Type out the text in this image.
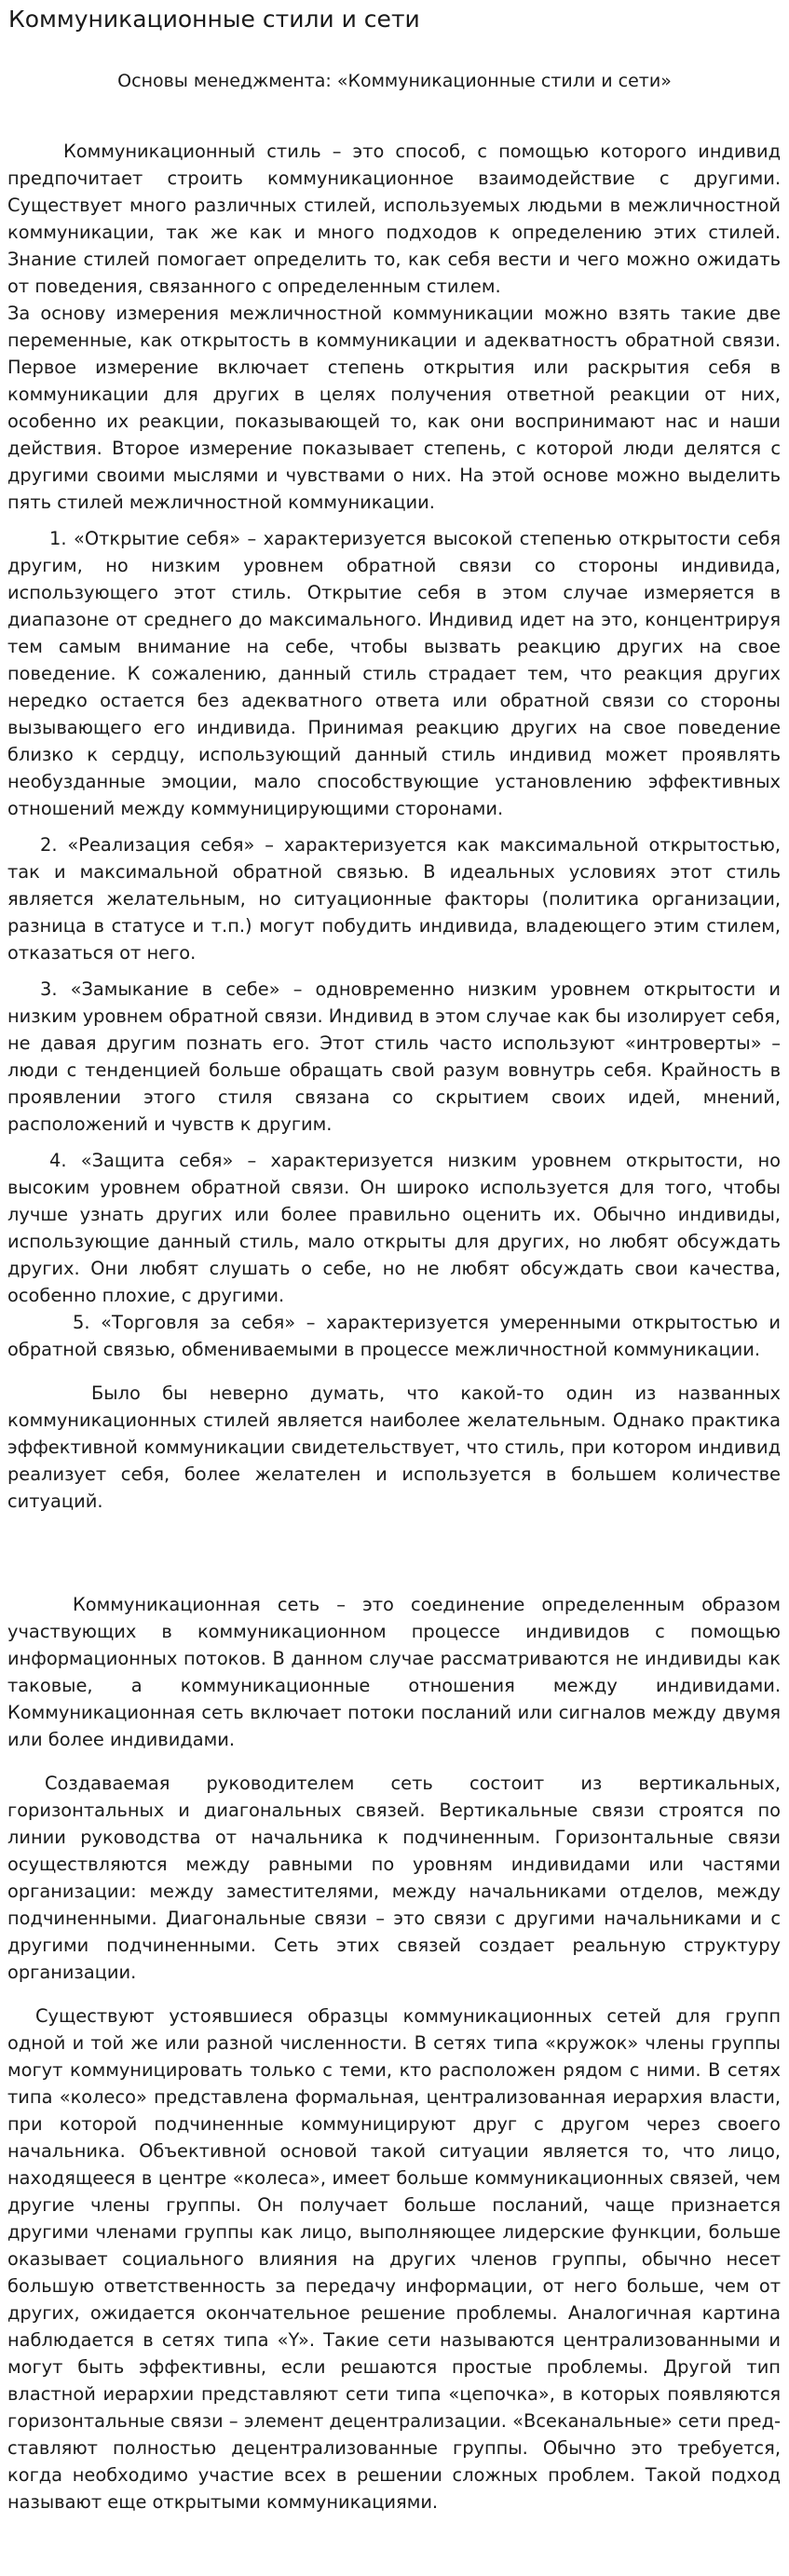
Коммуникационные стили и сети

Основы менеджмента: «Коммуникационные стили и сети»

Коммуникационный стиль – это способ, с помощью которого индивид предпочитает строить коммуникационное взаимодействие с другими. Существует много различных стилей, используемых людьми в межличностной коммуникации, так же как и много подходов к определению этих стилей. Знание стилей помогает определить то, как себя вести и чего можно ожидать от поведения, связанного с определенным стилем.

За основу измерения межличностной коммуникации можно взять такие две переменные, как открытость в коммуникации и адекватностъ обратной связи. Первое измерение включает степень открытия или раскрытия себя в коммуникации для других в целях получения ответной реакции от них, особенно их реакции, показывающей то, как они воспринимают нас и наши действия. Второе измерение показывает степень, с которой люди делятся с другими своими мыслями и чувствами о них. На этой основе можно выделить пять стилей межличностной коммуникации.

1. «Открытие себя» – характеризуется высокой степенью открытости себя другим, но низким уровнем обратной связи со стороны индивида, использующего этот стиль. Открытие себя в этом случае измеряется в диапазоне от среднего до максимального. Индивид идет на это, концентрируя тем самым внимание на себе, чтобы вызвать реакцию других на свое поведение. К сожалению, данный стиль страдает тем, что реакция других нередко остается без адекватного ответа или обратной связи со стороны вызывающего его индивида. Принимая реакцию других на свое поведение близко к сердцу, использующий данный стиль индивид может проявлять необузданные эмоции, мало способствующие установлению эффективных отношений между коммуницирующими сторонами.

2. «Реализация себя» – характеризуется как максимальной открытостью, так и максимальной обратной связью. В идеальных условиях этот стиль является желательным, но ситуационные факторы (политика организации, разница в статусе и т.п.) могут побудить индивида, владеющего этим стилем, отказаться от него.

3. «Замыкание в себе» – одновременно низким уровнем открытости и низким уровнем обратной связи. Индивид в этом случае как бы изолирует себя, не давая другим познать его. Этот стиль часто используют «интроверты» – люди с тенденцией больше обращать свой разум вовнутрь себя. Крайность в проявлении этого стиля связана со скрытием своих идей, мнений, расположений и чувств к другим.

4. «Защита себя» – характеризуется низким уровнем открытости, но высоким уровнем обратной связи. Он широко используется для того, чтобы лучше узнать других или более правильно оценить их. Обычно индивиды, использующие данный стиль, мало открыты для других, но любят обсуждать других. Они любят слушать о себе, но не любят обсуждать свои качества, особенно плохие, с другими.

5. «Торговля за себя» – характеризуется умеренными открытостью и обратной связью, обмениваемыми в процессе межличностной коммуникации.

Было бы неверно думать, что какой-то один из названных коммуникационных стилей является наиболее желательным. Однако практика эффективной коммуникации свидетельствует, что стиль, при котором индивид реализует себя, более желателен и используется в большем количестве ситуаций.

Коммуникационная сеть – это соединение определенным образом участвующих в коммуникационном процессе индивидов с помощью информационных потоков. В данном случае рассматриваются не индивиды как таковые, а коммуникационные отношения между индивидами. Коммуникационная сеть включает потоки посланий или сигналов между двумя или более индивидами.

Создаваемая руководителем сеть состоит из вертикальных, горизонтальных и диагональных связей. Вертикальные связи строятся по линии руководства от начальника к подчиненным. Горизонтальные связи осуществляются между равными по уровням индивидами или частями организации: между заместителями, между начальниками отделов, между подчиненными. Диагональные связи – это связи с другими начальниками и с другими подчиненными. Сеть этих связей создает реальную структуру организации.

Существуют устоявшиеся образцы коммуникационных сетей для групп одной и той же или разной численности. В сетях типа «кружок» члены группы могут коммуницировать только с теми, кто расположен рядом с ними. В сетях типа «колесо» представлена формальная, централизованная иерархия власти, при которой подчиненные коммуницируют друг с другом через своего начальника. Объективной основой такой ситуации является то, что лицо, находящееся в центре «колеса», имеет больше коммуникационных связей, чем другие члены группы. Он получает больше посланий, чаще признается другими членами группы как лицо, выполняющее лидерские функции, больше оказывает социального влияния на других членов группы, обычно несет большую ответственность за передачу информации, от него больше, чем от других, ожидается окончательное решение проблемы. Аналогичная картина наблюдается в сетях типа «Y». Такие сети называются централизованными и могут быть эффективны, если решаются простые проблемы. Другой тип властной иерархии представляют сети типа «цепочка», в которых появляются горизонтальные связи – элемент децентрализации. «Всеканальные» сети пред-ставляют полностью децентрализованные группы. Обычно это требуется, когда необходимо участие всех в решении сложных проблем. Такой подход называют еще открытыми коммуникациями.
